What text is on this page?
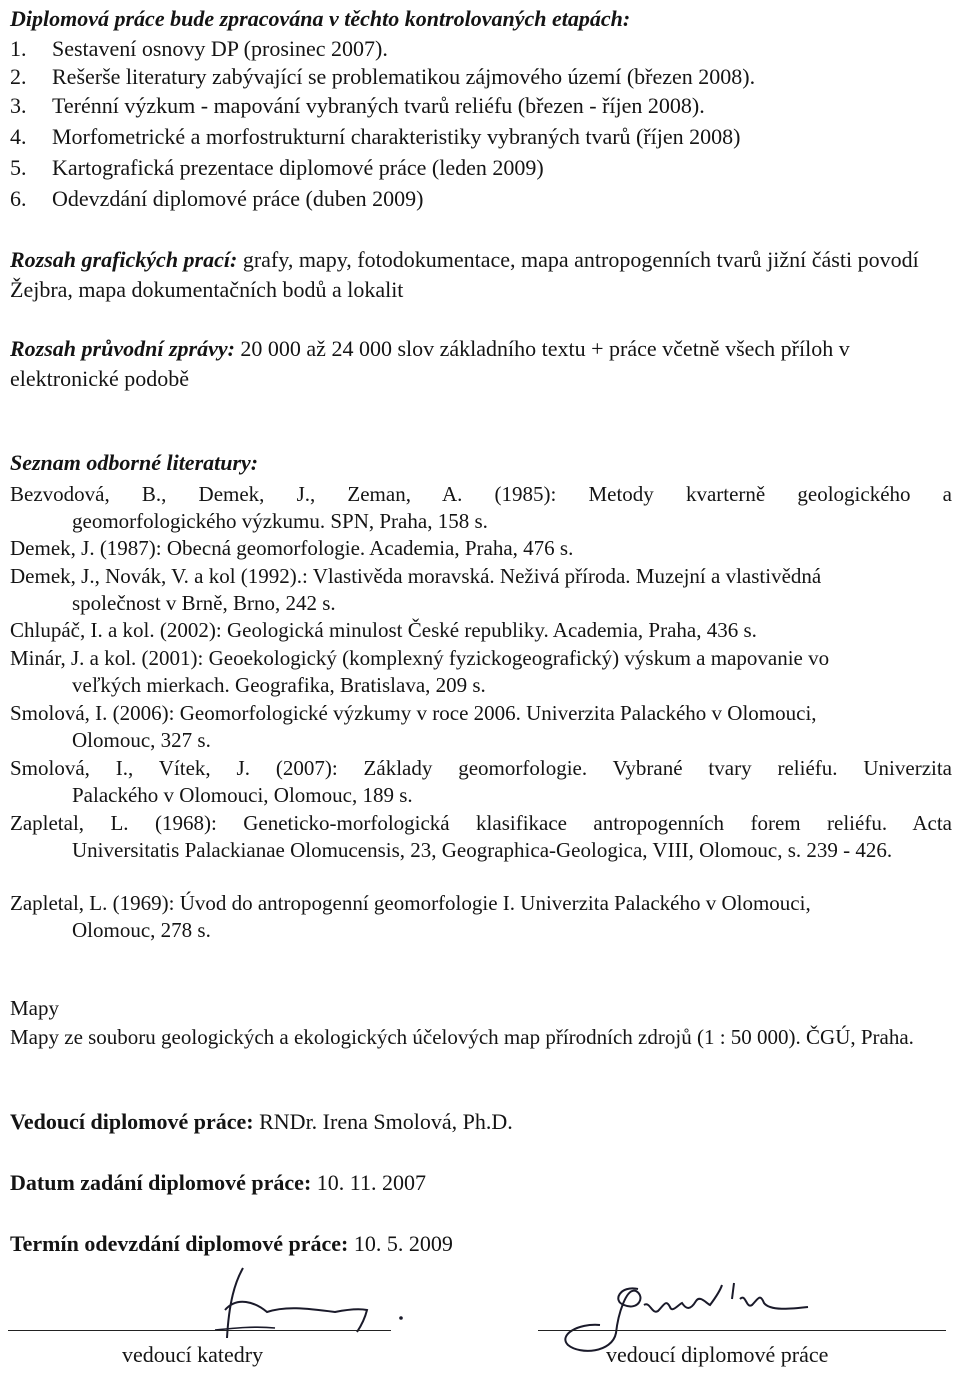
Diplomová práce bude zpracována v těchto kontrolovaných etapách:
1. Sestavení osnovy DP (prosinec 2007).
2. Rešerše literatury zabývající se problematikou zájmového území (březen 2008).
3. Terénní výzkum - mapování vybraných tvarů reliéfu (březen - říjen 2008).
4. Morfometrické a morfostrukturní charakteristiky vybraných tvarů (říjen 2008)
5. Kartografická prezentace diplomové práce (leden 2009)
6. Odevzdání diplomové práce (duben 2009)
Rozsah grafických prací: grafy, mapy, fotodokumentace, mapa antropogenních tvarů jižní části povodí Žejbra, mapa dokumentačních bodů a lokalit
Rozsah průvodní zprávy: 20 000 až 24 000 slov základního textu + práce včetně všech příloh v elektronické podobě
Seznam odborné literatury:
Bezvodová, B., Demek, J., Zeman, A. (1985): Metody kvarterně geologického a
geomorfologického výzkumu. SPN, Praha, 158 s.
Demek, J. (1987): Obecná geomorfologie. Academia, Praha, 476 s.
Demek, J., Novák, V. a kol (1992).: Vlastivěda moravská. Neživá příroda. Muzejní a vlastivědná
společnost v Brně, Brno, 242 s.
Chlupáč, I. a kol. (2002): Geologická minulost České republiky. Academia, Praha, 436 s.
Minár, J. a kol. (2001): Geoekologický (komplexný fyzickogeografický) výskum a mapovanie vo
veľkých mierkach. Geografika, Bratislava, 209 s.
Smolová, I. (2006): Geomorfologické výzkumy v roce 2006. Univerzita Palackého v Olomouci,
Olomouc, 327 s.
Smolová, I., Vítek, J. (2007): Základy geomorfologie. Vybrané tvary reliéfu. Univerzita
Palackého v Olomouci, Olomouc, 189 s.
Zapletal, L. (1968): Geneticko-morfologická klasifikace antropogenních forem reliéfu. Acta
Universitatis Palackianae Olomucensis, 23, Geographica-Geologica, VIII, Olomouc, s. 239 - 426.
Zapletal, L. (1969): Úvod do antropogenní geomorfologie I. Univerzita Palackého v Olomouci,
Olomouc, 278 s.
Mapy
Mapy ze souboru geologických a ekologických účelových map přírodních zdrojů (1 : 50 000). ČGÚ, Praha.
Vedoucí diplomové práce: RNDr. Irena Smolová, Ph.D.
Datum zadání diplomové práce: 10. 11. 2007
Termín odevzdání diplomové práce: 10. 5. 2009
vedoucí katedry	vedoucí diplomové práce
